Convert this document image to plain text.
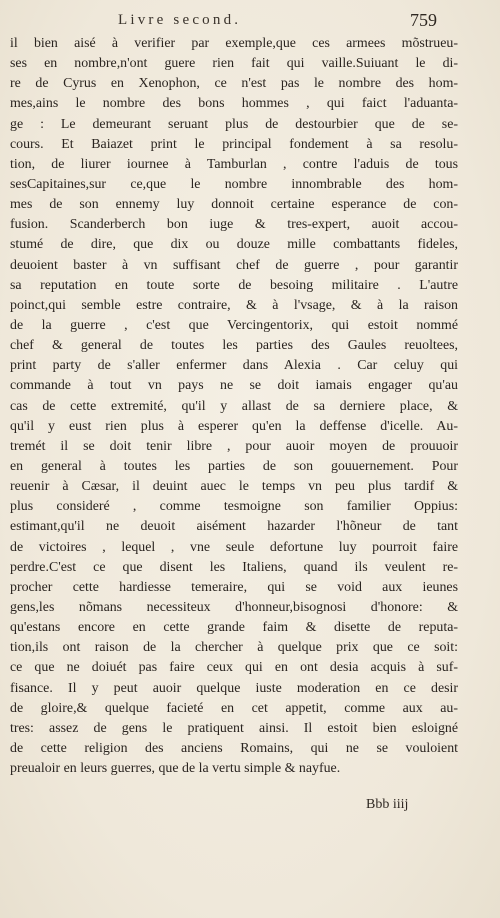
Livre second.	759
il bien aisé à verifier par exemple,que ces armees mõstrueu-
ses en nombre,n'ont guere rien fait qui vaille.Suiuant le di-
re de Cyrus en Xenophon, ce n'est pas le nombre des hom-
mes,ains le nombre des bons hommes , qui faict l'aduanta-
ge : Le demeurant seruant plus de destourbier que de se-
cours. Et Baiazet print le principal fondement à sa resolu-
tion, de liurer iournee à Tamburlan , contre l'aduis de tous
sesCapitaines,sur ce,que le nombre innombrable des hom-
mes de son ennemy luy donnoit certaine esperance de con-
fusion. Scanderberch bon iuge & tres-expert, auoit accou-
stumé de dire, que dix ou douze mille combattants fideles,
deuoient baster à vn suffisant chef de guerre , pour garantir
sa reputation en toute sorte de besoing militaire . L'autre
poinct,qui semble estre contraire, & à l'vsage, & à la raison
de la guerre , c'est que Vercingentorix, qui estoit nommé
chef & general de toutes les parties des Gaules reuoltees,
print party de s'aller enfermer dans Alexia . Car celuy qui
commande à tout vn pays ne se doit iamais engager qu'au
cas de cette extremité, qu'il y allast de sa derniere place, &
qu'il y eust rien plus à esperer qu'en la deffense d'icelle. Au-
tremét il se doit tenir libre , pour auoir moyen de prouuoir
en general à toutes les parties de son gouuernement. Pour
reuenir à Cæsar, il deuint auec le temps vn peu plus tardif &
plus consideré , comme tesmoigne son familier Oppius:
estimant,qu'il ne deuoit aisément hazarder l'hõneur de tant
de victoires , lequel , vne seule defortune luy pourroit faire
perdre.C'est ce que disent les Italiens, quand ils veulent re-
procher cette hardiesse temeraire, qui se void aux ieunes
gens,les nõmans necessiteux d'honneur,bisognosi d'honore: &
qu'estans encore en cette grande faim & disette de reputa-
tion,ils ont raison de la chercher à quelque prix que ce soit:
ce que ne doiuét pas faire ceux qui en ont desia acquis à suf-
fisance. Il y peut auoir quelque iuste moderation en ce desir
de gloire,& quelque facieté en cet appetit, comme aux au-
tres: assez de gens le pratiquent ainsi. Il estoit bien esloigné
de cette religion des anciens Romains, qui ne se vouloient
preualoir en leurs guerres, que de la vertu simple & nayfue.
Bbb iiij
